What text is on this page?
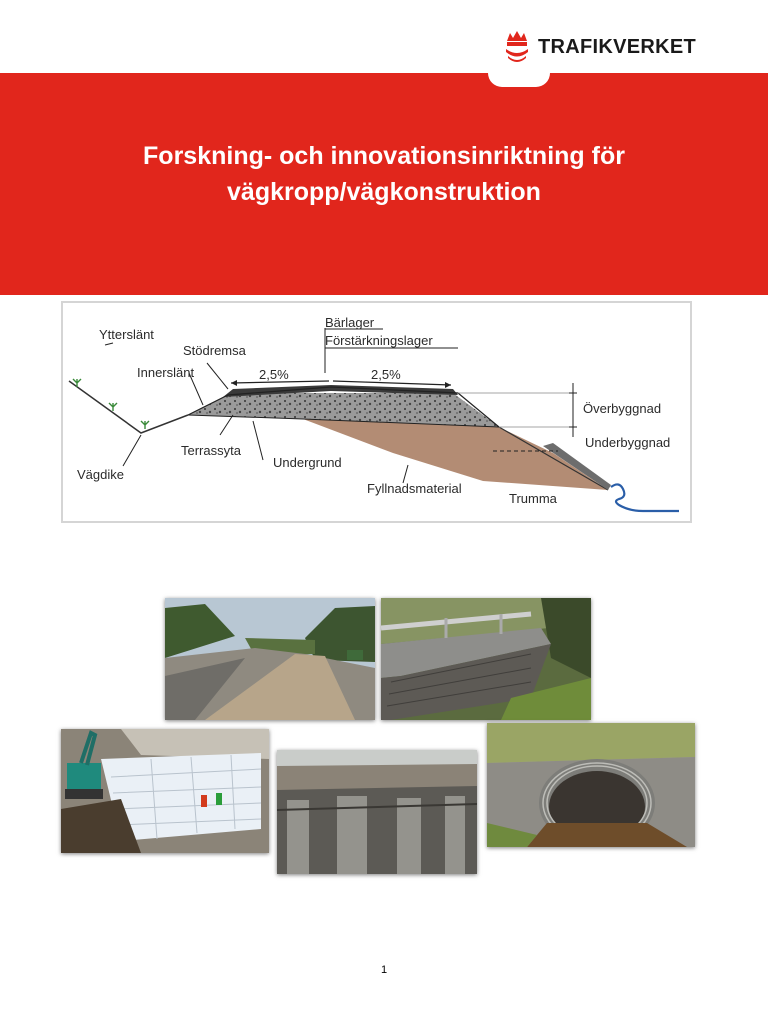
TRAFIKVERKET
Forskning- och innovationsinriktning för
vägkropp/vägkonstruktion
Ytterslänt
Stödremsa
Innerslänt
Bärlager
Förstärkningslager
2,5%	2,5%
Överbyggnad
Underbyggnad
Terrassyta
Undergrund
Vägdike
Fyllnadsmaterial
Trumma
1
